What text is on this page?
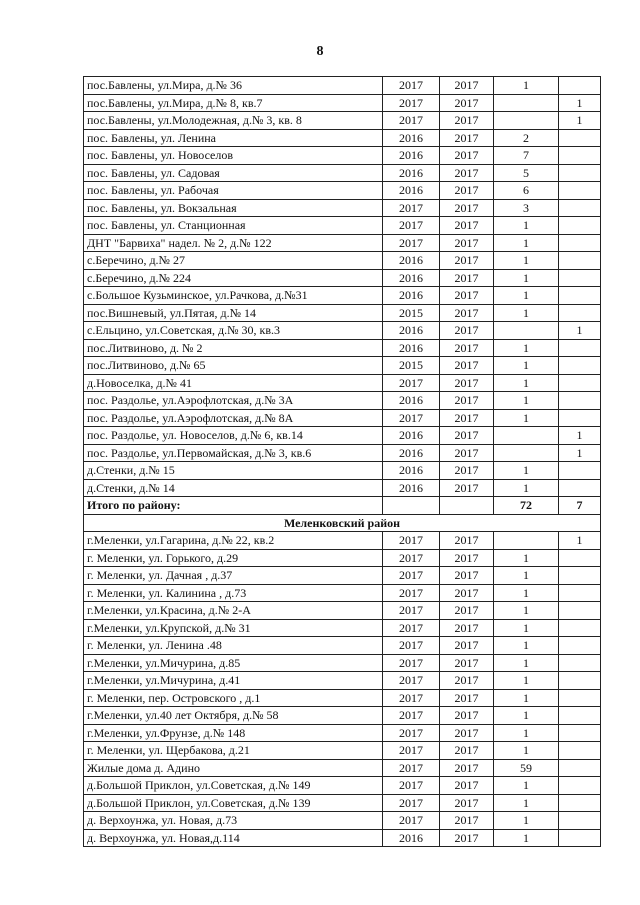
8
пос.Бавлены, ул.Мира, д.№ 36	2017	2017	1	
пос.Бавлены, ул.Мира, д.№ 8, кв.7	2017	2017		1
пос.Бавлены, ул.Молодежная, д.№ 3, кв. 8	2017	2017		1
пос. Бавлены, ул. Ленина	2016	2017	2	
пос. Бавлены, ул. Новоселов	2016	2017	7	
пос. Бавлены, ул. Садовая	2016	2017	5	
пос. Бавлены, ул. Рабочая	2016	2017	6	
пос. Бавлены, ул. Вокзальная	2017	2017	3	
пос. Бавлены, ул. Станционная	2017	2017	1	
ДНТ "Барвиха" надел. № 2, д.№ 122	2017	2017	1	
с.Беречино, д.№ 27	2016	2017	1	
с.Беречино, д.№ 224	2016	2017	1	
с.Большое Кузьминское, ул.Рачкова, д.№31	2016	2017	1	
пос.Вишневый, ул.Пятая, д.№ 14	2015	2017	1	
с.Ельцино, ул.Советская, д.№ 30, кв.3	2016	2017		1
пос.Литвиново, д. № 2	2016	2017	1	
пос.Литвиново, д.№ 65	2015	2017	1	
д.Новоселка, д.№ 41	2017	2017	1	
пос. Раздолье, ул.Аэрофлотская, д.№ 3А	2016	2017	1	
пос. Раздолье, ул.Аэрофлотская, д.№ 8А	2017	2017	1	
пос. Раздолье, ул. Новоселов, д.№ 6, кв.14	2016	2017		1
пос. Раздолье, ул.Первомайская, д.№ 3, кв.6	2016	2017		1
д.Стенки, д.№ 15	2016	2017	1	
д.Стенки, д.№ 14	2016	2017	1	
Итого по району:			72	7
Меленковский район				
г.Меленки, ул.Гагарина, д.№ 22, кв.2	2017	2017		1
г. Меленки, ул. Горького, д.29	2017	2017	1	
г. Меленки, ул. Дачная , д.37	2017	2017	1	
г. Меленки, ул. Калинина , д.73	2017	2017	1	
г.Меленки, ул.Красина, д.№ 2-А	2017	2017	1	
г.Меленки, ул.Крупской, д.№ 31	2017	2017	1	
г. Меленки, ул. Ленина .48	2017	2017	1	
г.Меленки, ул.Мичурина, д.85	2017	2017	1	
г.Меленки, ул.Мичурина, д.41	2017	2017	1	
г. Меленки, пер. Островского , д.1	2017	2017	1	
г.Меленки, ул.40 лет Октября, д.№ 58	2017	2017	1	
г.Меленки, ул.Фрунзе, д.№ 148	2017	2017	1	
г. Меленки, ул. Щербакова, д.21	2017	2017	1	
Жилые дома д. Адино	2017	2017	59	
д.Большой Приклон, ул.Советская, д.№ 149	2017	2017	1	
д.Большой Приклон, ул.Советская, д.№ 139	2017	2017	1	
д. Верхоунжа, ул. Новая, д.73	2017	2017	1	
д. Верхоунжа, ул. Новая,д.114	2016	2017	1	
